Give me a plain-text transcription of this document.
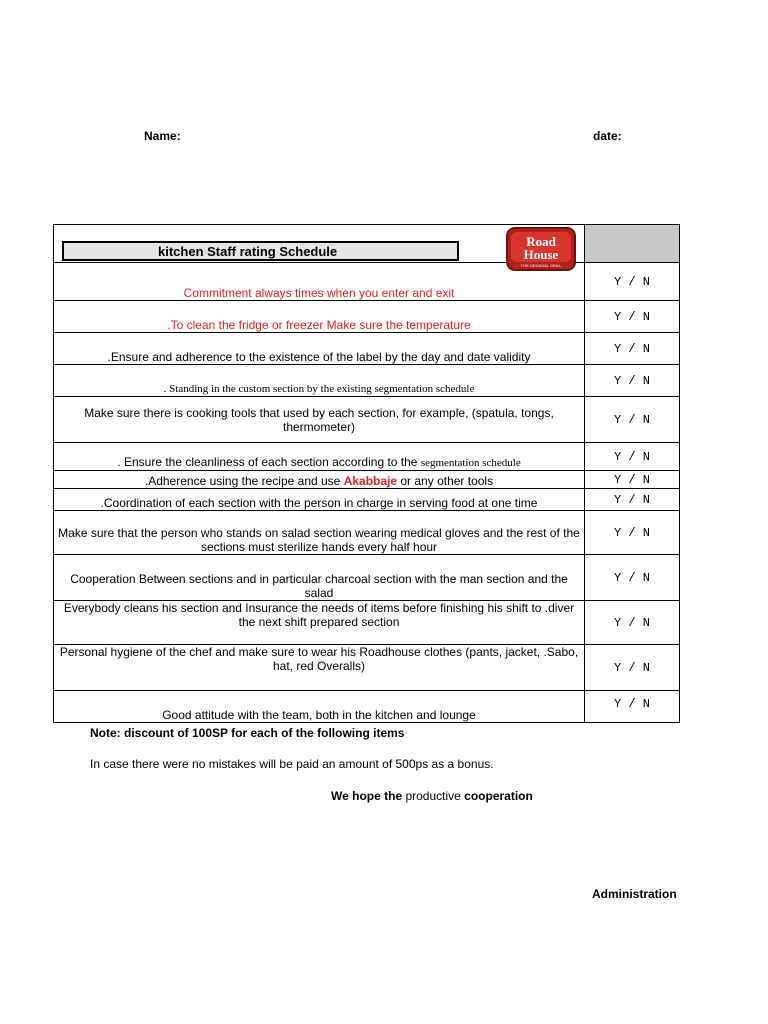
Name:	date:
kitchen Staff rating Schedule
Road
House
THE ORIGINAL GRILL	

Commitment always times when you enter and exit	Y / N
.To clean the fridge or freezer Make sure the temperature	Y / N
.Ensure and adherence to the existence of the label by the day and date validity	Y / N
. Standing in the custom section by the existing segmentation schedule	Y / N
Make sure there is cooking tools that used by each section, for example, (spatula, tongs, thermometer)	Y / N
. Ensure the cleanliness of each section according to the segmentation schedule	Y / N
.Adherence using the recipe and use Akabbaje or any other tools	Y / N
.Coordination of each section with the person in charge in serving food at one time	Y / N
Make sure that the person who stands on salad section wearing medical gloves and the rest of the sections must sterilize hands every half hour	Y / N
Cooperation Between sections and in particular charcoal section with the man section and the salad	Y / N
Everybody cleans his section and Insurance the needs of items before finishing his shift to .diver the next shift prepared section	Y / N
Personal hygiene of the chef and make sure to wear his Roadhouse clothes (pants, jacket, .Sabo, hat, red Overalls)	Y / N
Good attitude with the team, both in the kitchen and lounge	Y / N
Note: discount of 100SP for each of the following items
In case there were no mistakes will be paid an amount of 500ps as a bonus.
We hope the productive cooperation
Administration
